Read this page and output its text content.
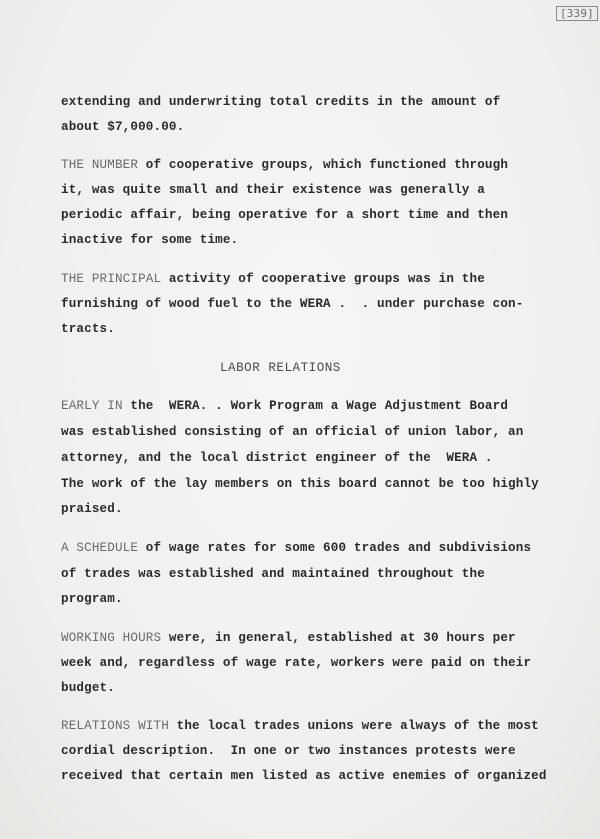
[339]
extending and underwriting total credits in the amount of
about $7,000.00.
THE NUMBER of cooperative groups, which functioned through
it, was quite small and their existence was generally a
periodic affair, being operative for a short time and then
inactive for some time.
THE PRINCIPAL activity of cooperative groups was in the
furnishing of wood fuel to the WERA .  . under purchase con-
tracts.
LABOR RELATIONS
EARLY IN the  WERA. . Work Program a Wage Adjustment Board
was established consisting of an official of union labor, an
attorney, and the local district engineer of the  WERA .
The work of the lay members on this board cannot be too highly
praised.
A SCHEDULE of wage rates for some 600 trades and subdivisions
of trades was established and maintained throughout the
program.
WORKING HOURS were, in general, established at 30 hours per
week and, regardless of wage rate, workers were paid on their
budget.
RELATIONS WITH the local trades unions were always of the most
cordial description.  In one or two instances protests were
received that certain men listed as active enemies of organized
